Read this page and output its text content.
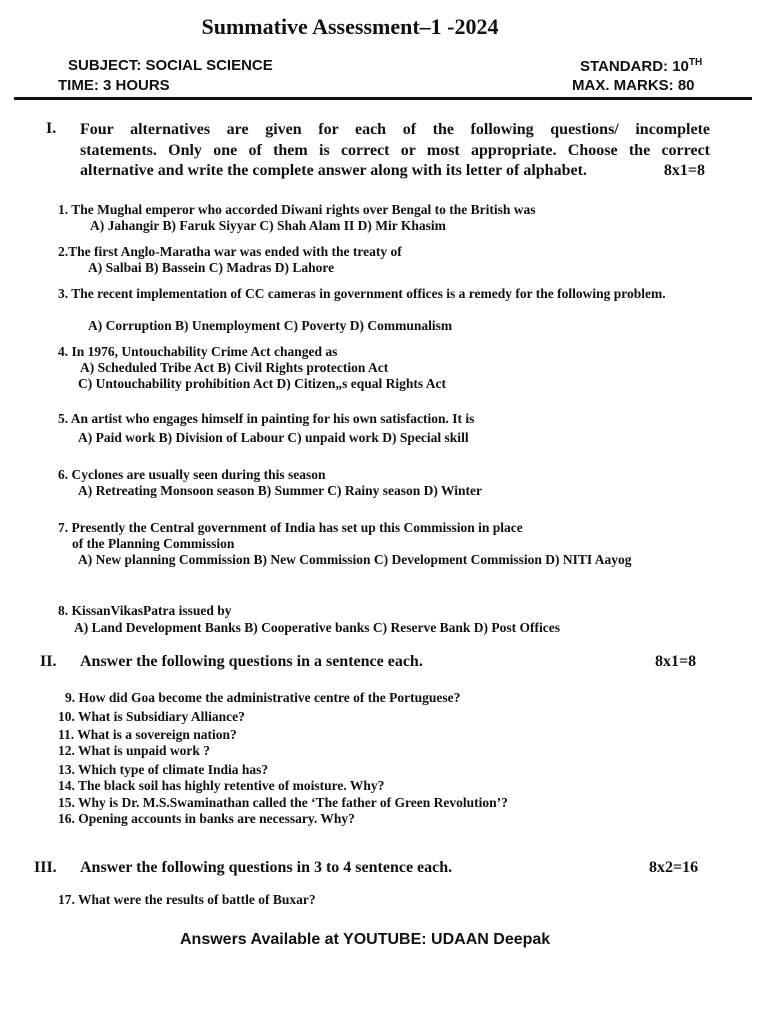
Summative Assessment–1 -2024
SUBJECT: SOCIAL SCIENCE
TIME: 3 HOURS
STANDARD: 10TH
MAX. MARKS: 80
I. Four alternatives are given for each of the following questions/ incomplete
statements. Only one of them is correct or most appropriate. Choose the correct
alternative and write the complete answer along with its letter of alphabet.	8x1=8
1. The Mughal emperor who accorded Diwani rights over Bengal to the British was
A) Jahangir B) Faruk Siyyar C) Shah Alam II D) Mir Khasim
2.The first Anglo-Maratha war was ended with the treaty of
A) Salbai B) Bassein C) Madras D) Lahore
3. The recent implementation of CC cameras in government offices is a remedy for the following problem.
A) Corruption B) Unemployment C) Poverty D) Communalism
4. In 1976, Untouchability Crime Act changed as
A) Scheduled Tribe Act B) Civil Rights protection Act
C) Untouchability prohibition Act D) Citizen„s equal Rights Act
5. An artist who engages himself in painting for his own satisfaction. It is
A) Paid work B) Division of Labour C) unpaid work D) Special skill
6. Cyclones are usually seen during this season
A) Retreating Monsoon season B) Summer C) Rainy season D) Winter
7. Presently the Central government of India has set up this Commission in place
of the Planning Commission
A) New planning Commission B) New Commission C) Development Commission D) NITI Aayog
8. KissanVikasPatra issued by
A) Land Development Banks B) Cooperative banks C) Reserve Bank D) Post Offices
II. Answer the following questions in a sentence each.	8x1=8
9. How did Goa become the administrative centre of the Portuguese?
10. What is Subsidiary Alliance?
11. What is a sovereign nation?
12. What is unpaid work ?
13. Which type of climate India has?
14. The black soil has highly retentive of moisture. Why?
15. Why is Dr. M.S.Swaminathan called the ‘The father of Green Revolution’?
16. Opening accounts in banks are necessary. Why?
III. Answer the following questions in 3 to 4 sentence each.	8x2=16
17. What were the results of battle of Buxar?
Answers Available at YOUTUBE: UDAAN Deepak
